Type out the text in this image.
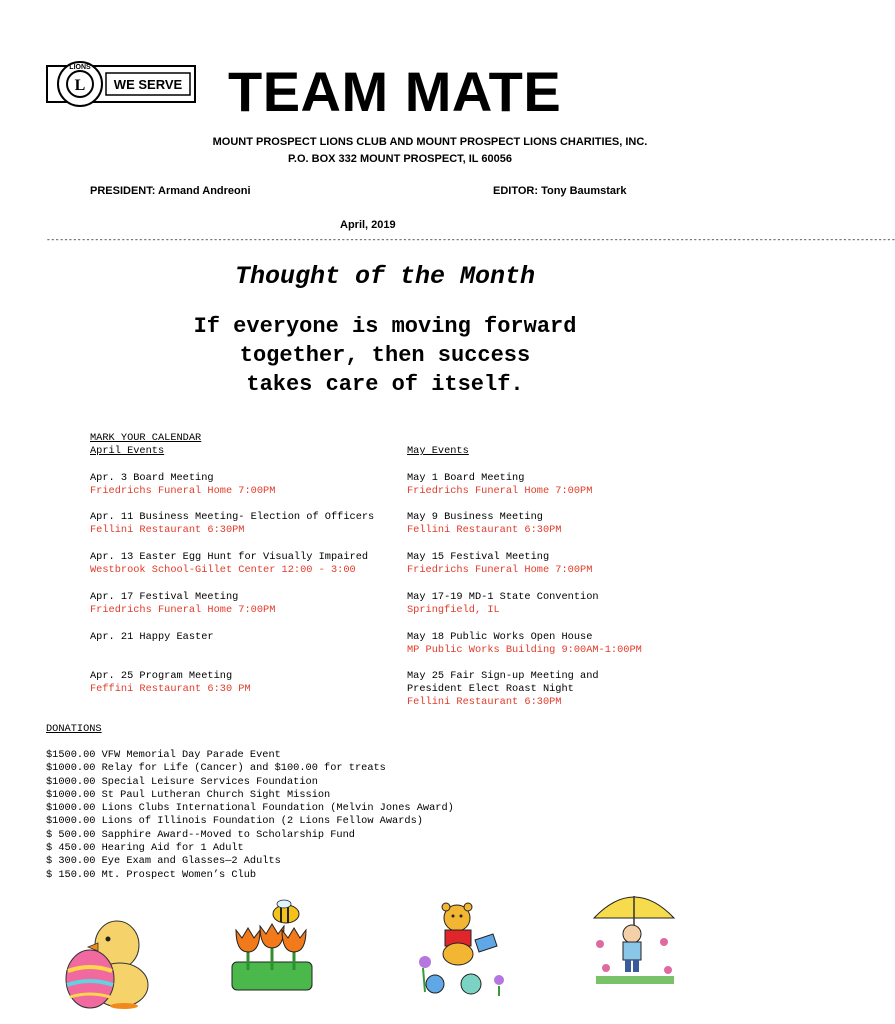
L
LIONS
WE SERVE TEAM MATE
MOUNT PROSPECT LIONS CLUB AND MOUNT PROSPECT LIONS CHARITIES, INC.
P.O. BOX 332 MOUNT PROSPECT, IL 60056
PRESIDENT: Armand Andreoni	EDITOR: Tony Baumstark
April, 2019
-------------------------------------------------------------------------------------------------------------------------------------------------------------------------------------------------
Thought of the Month
If everyone is moving forward
together, then success
takes care of itself.
MARK YOUR CALENDAR
April Events	May Events
Apr. 3 Board Meeting
Friedrichs Funeral Home 7:00PM
Apr. 11 Business Meeting- Election of Officers
Fellini Restaurant 6:30PM
Apr. 13 Easter Egg Hunt for Visually Impaired
Westbrook School-Gillet Center 12:00 - 3:00
Apr. 17 Festival Meeting
Friedrichs Funeral Home 7:00PM
Apr. 21 Happy Easter
Apr. 25 Program Meeting
Feffini Restaurant 6:30 PM
May 1 Board Meeting
Friedrichs Funeral Home 7:00PM
May 9 Business Meeting
Fellini Restaurant 6:30PM
May 15 Festival Meeting
Friedrichs Funeral Home 7:00PM
May 17-19 MD-1 State Convention
Springfield, IL
May 18 Public Works Open House
MP Public Works Building 9:00AM-1:00PM
May 25 Fair Sign-up Meeting and
President Elect Roast Night
Fellini Restaurant 6:30PM
DONATIONS
$1500.00 VFW Memorial Day Parade Event
$1000.00 Relay for Life (Cancer) and $100.00 for treats
$1000.00 Special Leisure Services Foundation
$1000.00 St Paul Lutheran Church Sight Mission
$1000.00 Lions Clubs International Foundation (Melvin Jones Award)
$1000.00 Lions of Illinois Foundation (2 Lions Fellow Awards)
$ 500.00 Sapphire Award--Moved to Scholarship Fund
$ 450.00 Hearing Aid for 1 Adult
$ 300.00 Eye Exam and Glasses—2 Adults
$ 150.00 Mt. Prospect Women’s Club
